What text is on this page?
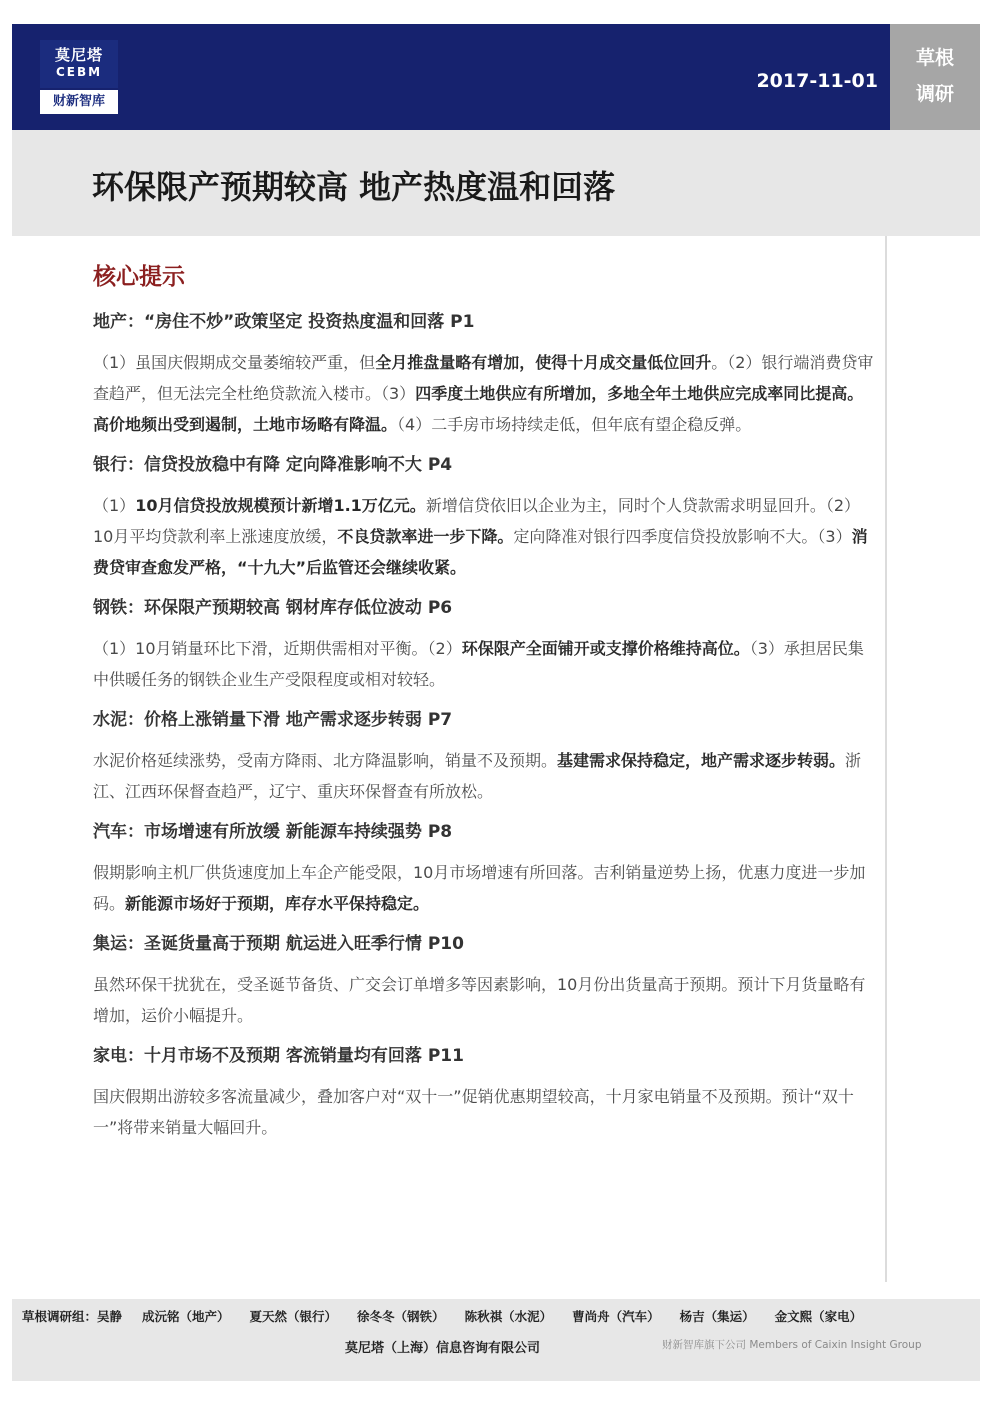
莫尼塔
CEBM
财新智库
2017-11-01
草根
调研
环保限产预期较高 地产热度温和回落
核心提示
地产：“房住不炒”政策坚定 投资热度温和回落 P1

（1）虽国庆假期成交量萎缩较严重，但全月推盘量略有增加，使得十月成交量低位回升。（2）银行端消费贷审查趋严，但无法完全杜绝贷款流入楼市。（3）四季度土地供应有所增加，多地全年土地供应完成率同比提高。高价地频出受到遏制，土地市场略有降温。（4）二手房市场持续走低，但年底有望企稳反弹。

银行：信贷投放稳中有降 定向降准影响不大 P4

（1）10月信贷投放规模预计新增1.1万亿元。新增信贷依旧以企业为主，同时个人贷款需求明显回升。（2）10月平均贷款利率上涨速度放缓，不良贷款率进一步下降。定向降准对银行四季度信贷投放影响不大。（3）消费贷审查愈发严格，“十九大”后监管还会继续收紧。

钢铁：环保限产预期较高 钢材库存低位波动 P6

（1）10月销量环比下滑，近期供需相对平衡。（2）环保限产全面铺开或支撑价格维持高位。（3）承担居民集中供暖任务的钢铁企业生产受限程度或相对较轻。

水泥：价格上涨销量下滑 地产需求逐步转弱 P7

水泥价格延续涨势，受南方降雨、北方降温影响，销量不及预期。基建需求保持稳定，地产需求逐步转弱。浙江、江西环保督查趋严，辽宁、重庆环保督查有所放松。

汽车：市场增速有所放缓 新能源车持续强势 P8

假期影响主机厂供货速度加上车企产能受限，10月市场增速有所回落。吉利销量逆势上扬，优惠力度进一步加码。新能源市场好于预期，库存水平保持稳定。

集运：圣诞货量高于预期 航运进入旺季行情 P10

虽然环保干扰犹在，受圣诞节备货、广交会订单增多等因素影响，10月份出货量高于预期。预计下月货量略有增加，运价小幅提升。

家电：十月市场不及预期 客流销量均有回落 P11

国庆假期出游较多客流量减少，叠加客户对“双十一”促销优惠期望较高，十月家电销量不及预期。预计“双十一”将带来销量大幅回升。

草根调研组：吴静 成沅铭（地产） 夏天然（银行） 徐冬冬（钢铁） 陈秋祺（水泥） 曹尚舟（汽车） 杨吉（集运） 金文熙（家电）
莫尼塔（上海）信息咨询有限公司	财新智库旗下公司 Members of Caixin Insight Group
